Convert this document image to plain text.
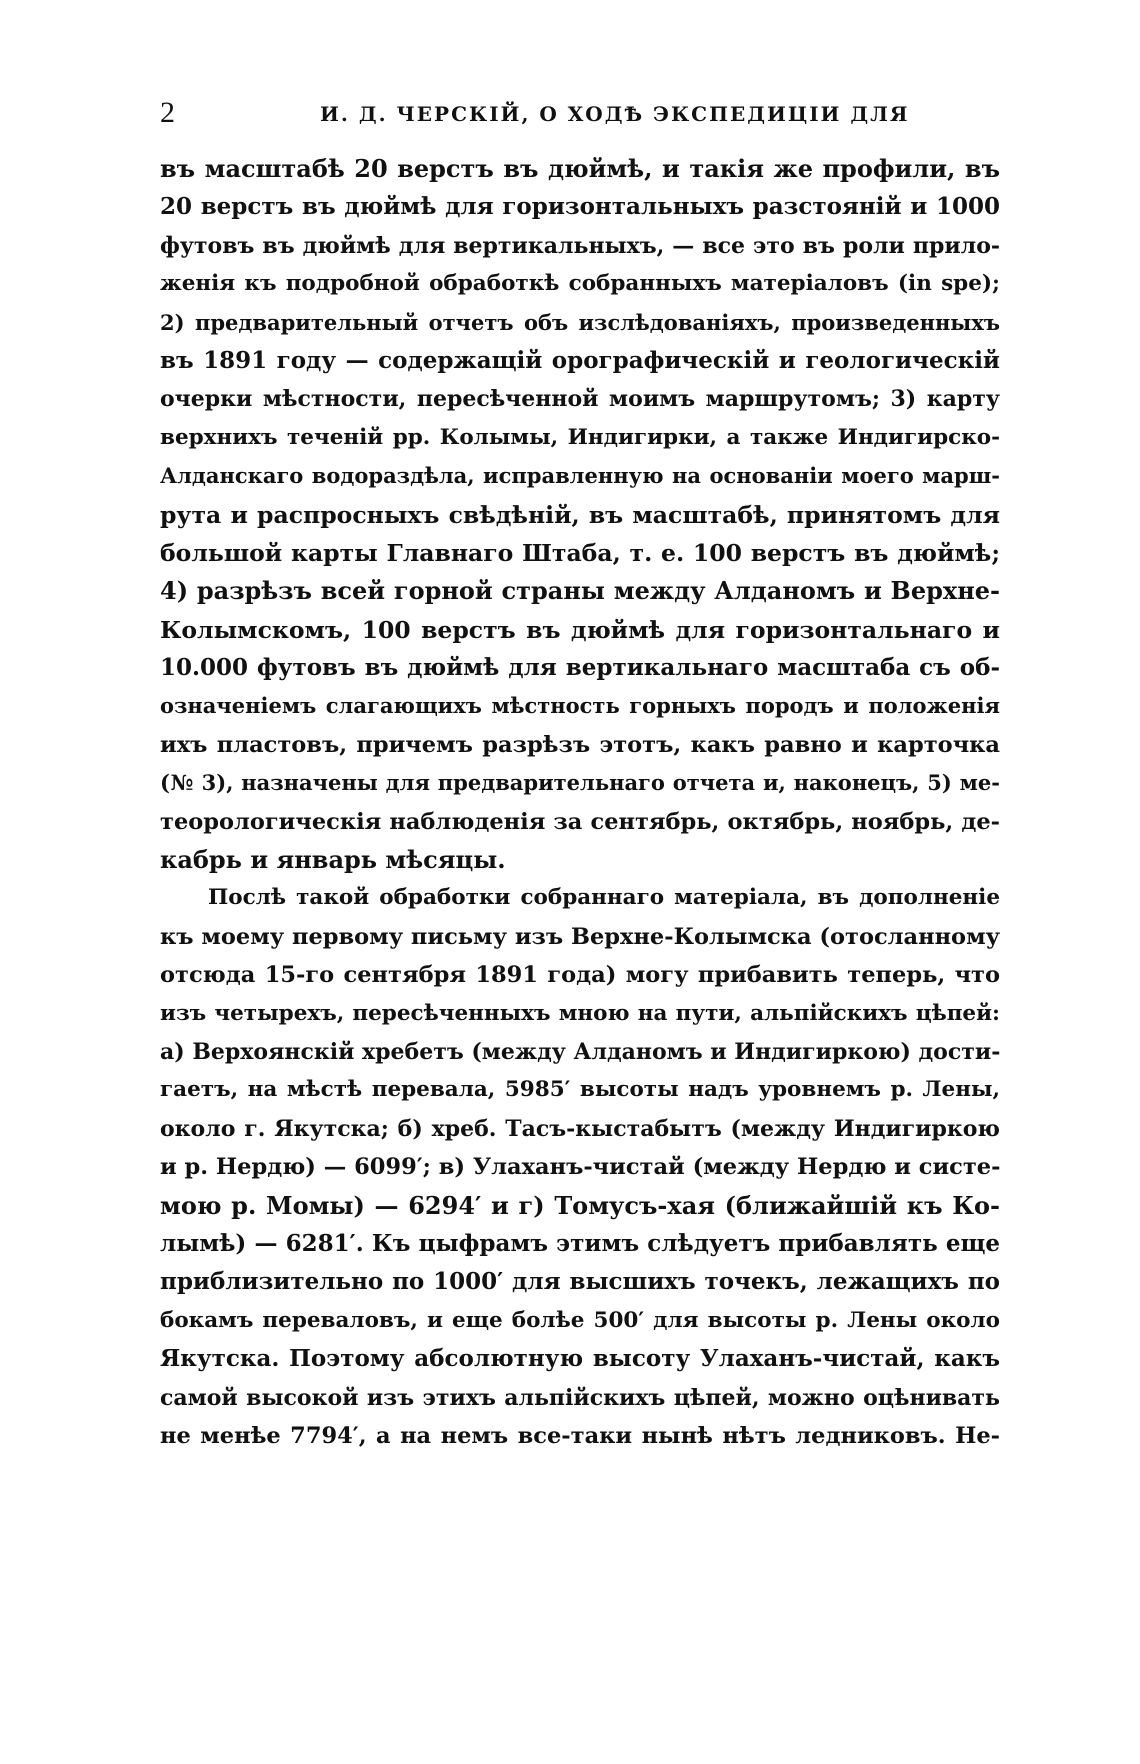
2	И. Д. ЧЕРСКІЙ, О ХОДѢ ЭКСПЕДИЦІИ ДЛЯ
въ масштабѣ 20 верстъ въ дюймѣ, и такія же профили, въ
20 верстъ въ дюймѣ для горизонтальныхъ разстояній и 1000
футовъ въ дюймѣ для вертикальныхъ, — все это въ роли прило-
женія къ подробной обработкѣ собранныхъ матеріаловъ (in spe);
2) предварительный отчетъ объ изслѣдованіяхъ, произведенныхъ
въ 1891 году — содержащій орографическій и геологическій
очерки мѣстности, пересѣченной моимъ маршрутомъ; 3) карту
верхнихъ теченій рр. Колымы, Индигирки, а также Индигирско-
Алданскаго водораздѣла, исправленную на основаніи моего марш-
рута и распросныхъ свѣдѣній, въ масштабѣ, принятомъ для
большой карты Главнаго Штаба, т. е. 100 верстъ въ дюймѣ;
4) разрѣзъ всей горной страны между Алданомъ и Верхне-
Колымскомъ, 100 верстъ въ дюймѣ для горизонтальнаго и
10.000 футовъ въ дюймѣ для вертикальнаго масштаба съ об-
означеніемъ слагающихъ мѣстность горныхъ породъ и положенія
ихъ пластовъ, причемъ разрѣзъ этотъ, какъ равно и карточка
(№ 3), назначены для предварительнаго отчета и, наконецъ, 5) ме-
теорологическія наблюденія за сентябрь, октябрь, ноябрь, де-
кабрь и январь мѣсяцы.
Послѣ такой обработки собраннаго матеріала, въ дополненіе
къ моему первому письму изъ Верхне-Колымска (отосланному
отсюда 15-го сентября 1891 года) могу прибавить теперь, что
изъ четырехъ, пересѣченныхъ мною на пути, альпійскихъ цѣпей:
а) Верхоянскій хребетъ (между Алданомъ и Индигиркою) дости-
гаетъ, на мѣстѣ перевала, 5985′ высоты надъ уровнемъ р. Лены,
около г. Якутска; б) хреб. Тасъ-кыстабытъ (между Индигиркою
и р. Нердю) — 6099′; в) Улаханъ-чистай (между Нердю и систе-
мою р. Момы) — 6294′ и г) Томусъ-хая (ближайшій къ Ко-
лымѣ) — 6281′. Къ цыфрамъ этимъ слѣдуетъ прибавлять еще
приблизительно по 1000′ для высшихъ точекъ, лежащихъ по
бокамъ переваловъ, и еще болѣе 500′ для высоты р. Лены около
Якутска. Поэтому абсолютную высоту Улаханъ-чистай, какъ
самой высокой изъ этихъ альпійскихъ цѣпей, можно оцѣнивать
не менѣе 7794′, а на немъ все-таки нынѣ нѣтъ ледниковъ. Не-
